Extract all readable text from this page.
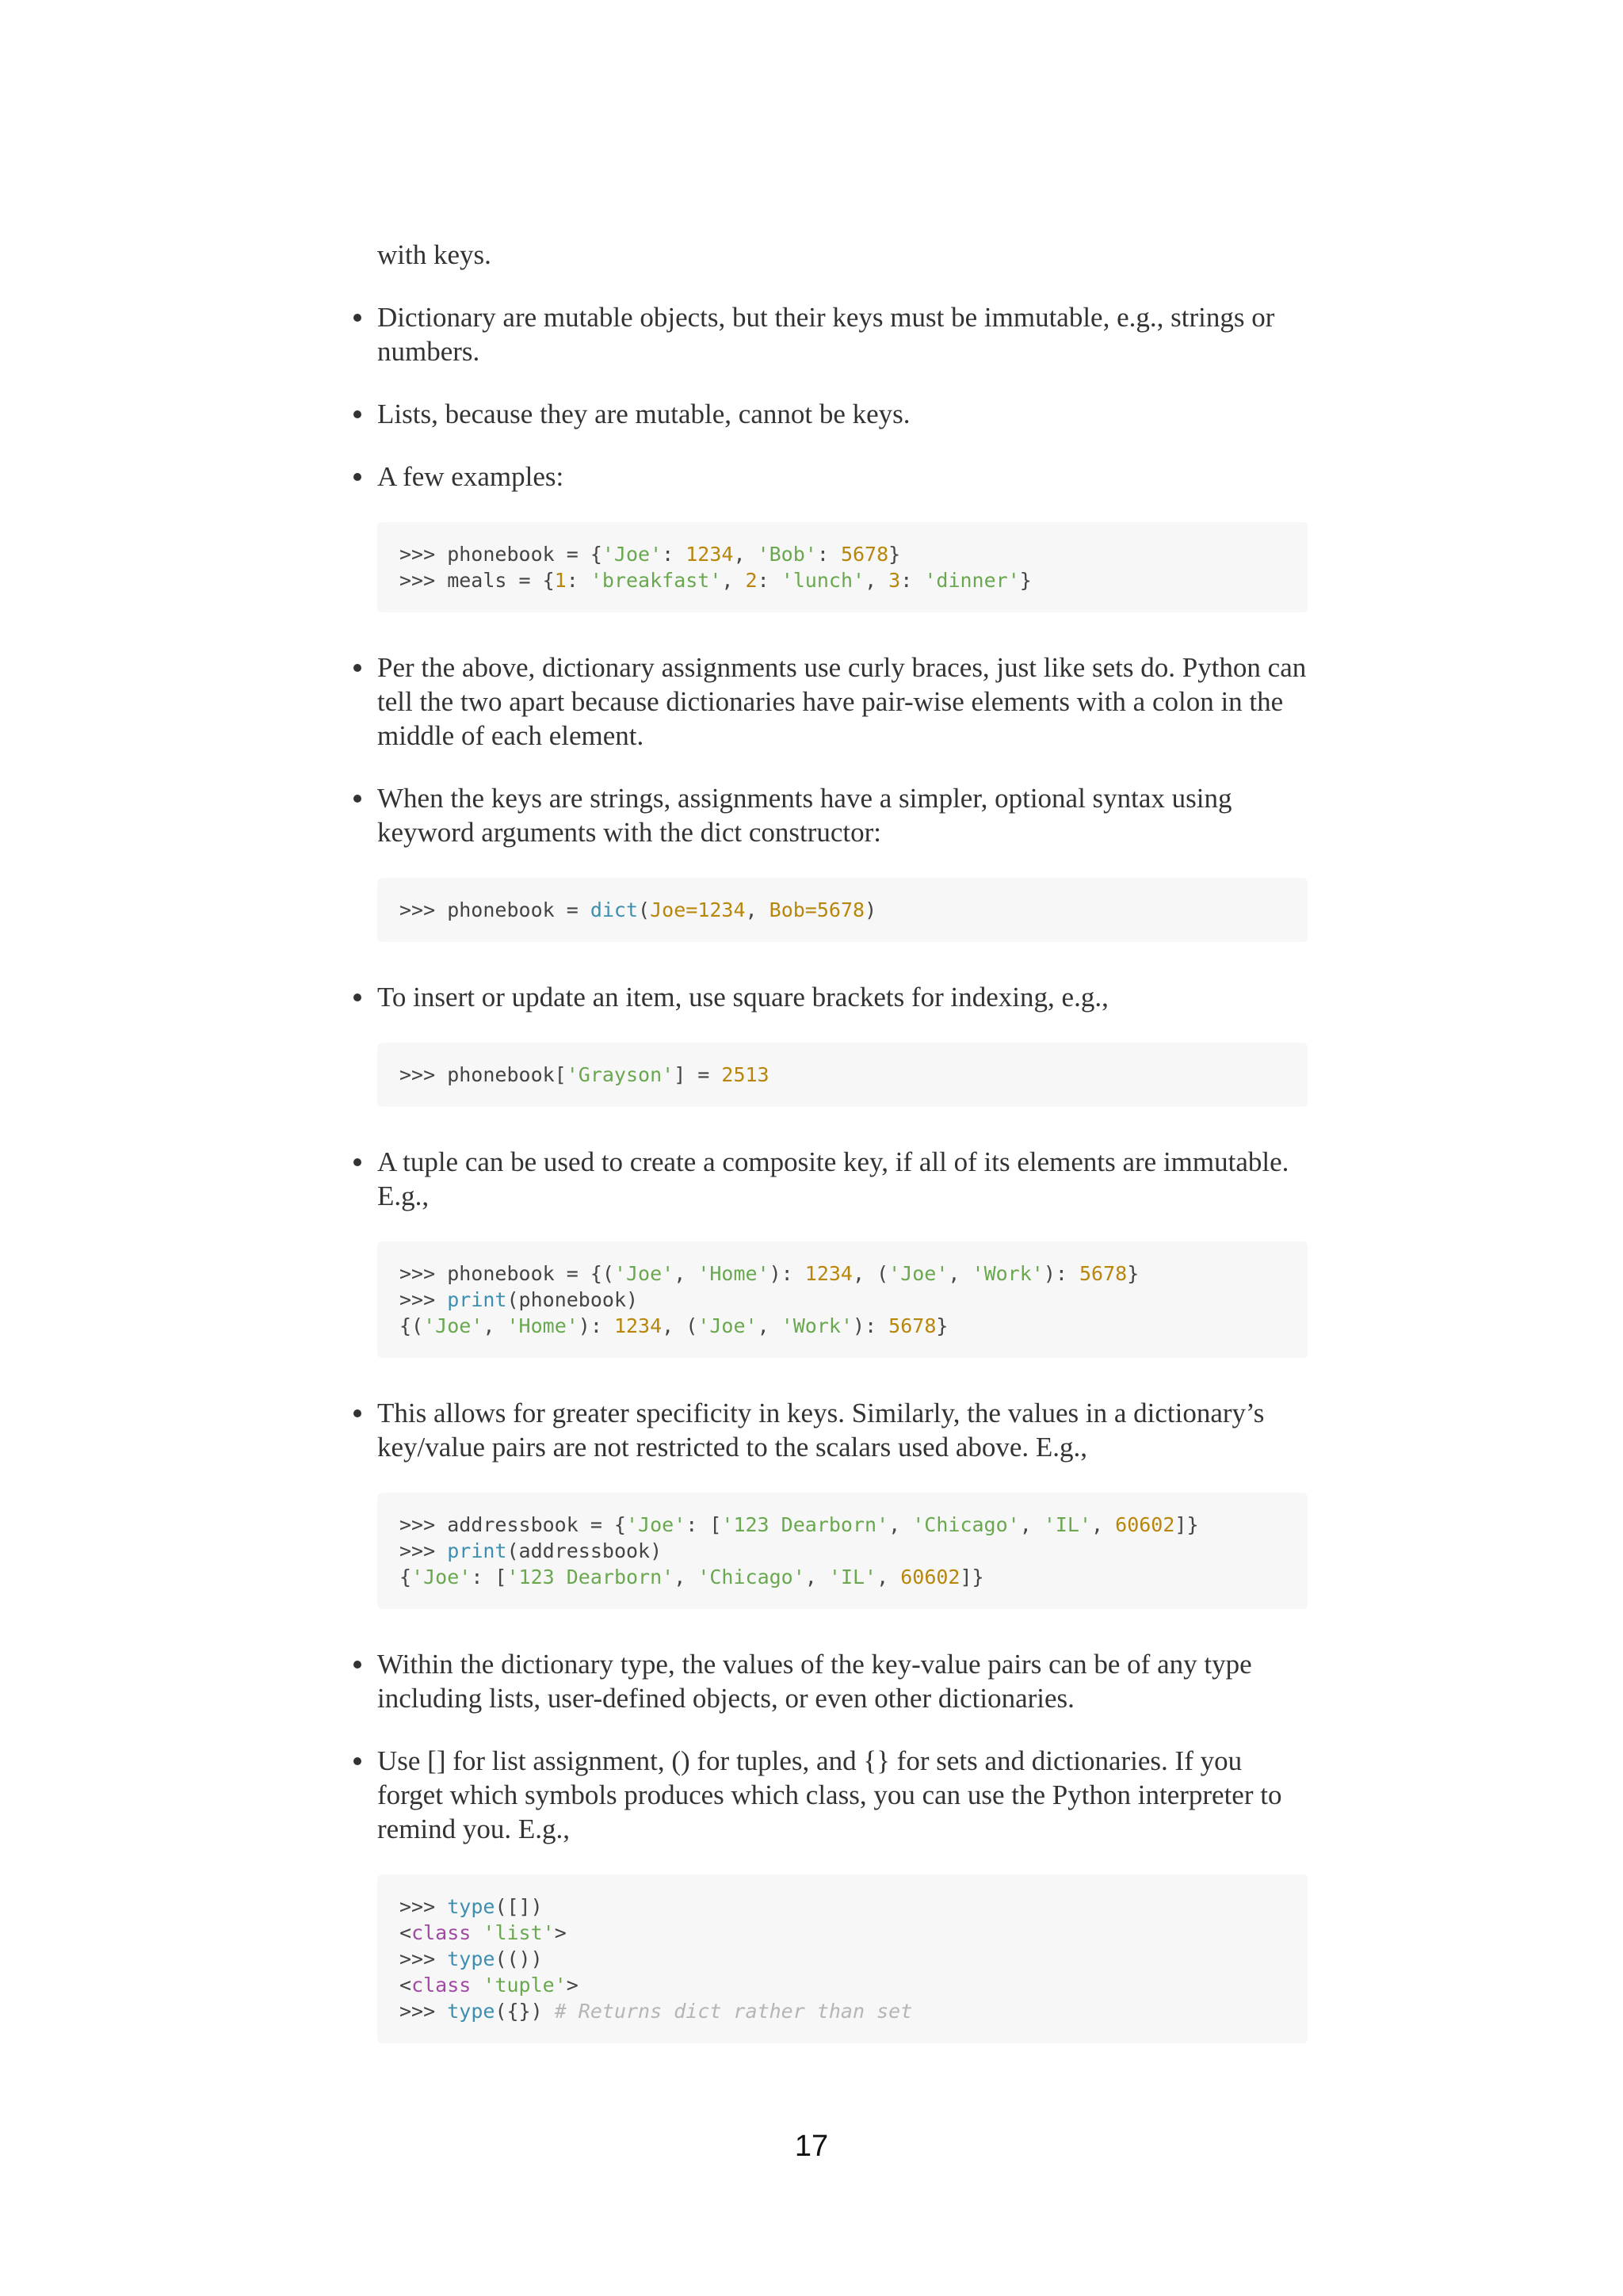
with keys.

Dictionary are mutable objects, but their keys must be immutable, e.g., strings or numbers.
Lists, because they are mutable, cannot be keys.
A few examples:
>>> phonebook = {'Joe': 1234, 'Bob': 5678}
>>> meals = {1: 'breakfast', 2: 'lunch', 3: 'dinner'}
Per the above, dictionary assignments use curly braces, just like sets do. Python can tell the two apart because dictionaries have pair-wise elements with a colon in the middle of each element.
When the keys are strings, assignments have a simpler, optional syntax using keyword arguments with the dict constructor:
>>> phonebook = dict(Joe=1234, Bob=5678)
To insert or update an item, use square brackets for indexing, e.g.,
>>> phonebook['Grayson'] = 2513
A tuple can be used to create a composite key, if all of its elements are immutable. E.g.,
>>> phonebook = {('Joe', 'Home'): 1234, ('Joe', 'Work'): 5678}
>>> print(phonebook)
{('Joe', 'Home'): 1234, ('Joe', 'Work'): 5678}
This allows for greater specificity in keys. Similarly, the values in a dictionary’s key/value pairs are not restricted to the scalars used above. E.g.,
>>> addressbook = {'Joe': ['123 Dearborn', 'Chicago', 'IL', 60602]}
>>> print(addressbook)
{'Joe': ['123 Dearborn', 'Chicago', 'IL', 60602]}
Within the dictionary type, the values of the key-value pairs can be of any type including lists, user-defined objects, or even other dictionaries.
Use [] for list assignment, () for tuples, and {} for sets and dictionaries. If you forget which symbols produces which class, you can use the Python interpreter to remind you. E.g.,
>>> type([])
<class 'list'>
>>> type(())
<class 'tuple'>
>>> type({}) # Returns dict rather than set
17
